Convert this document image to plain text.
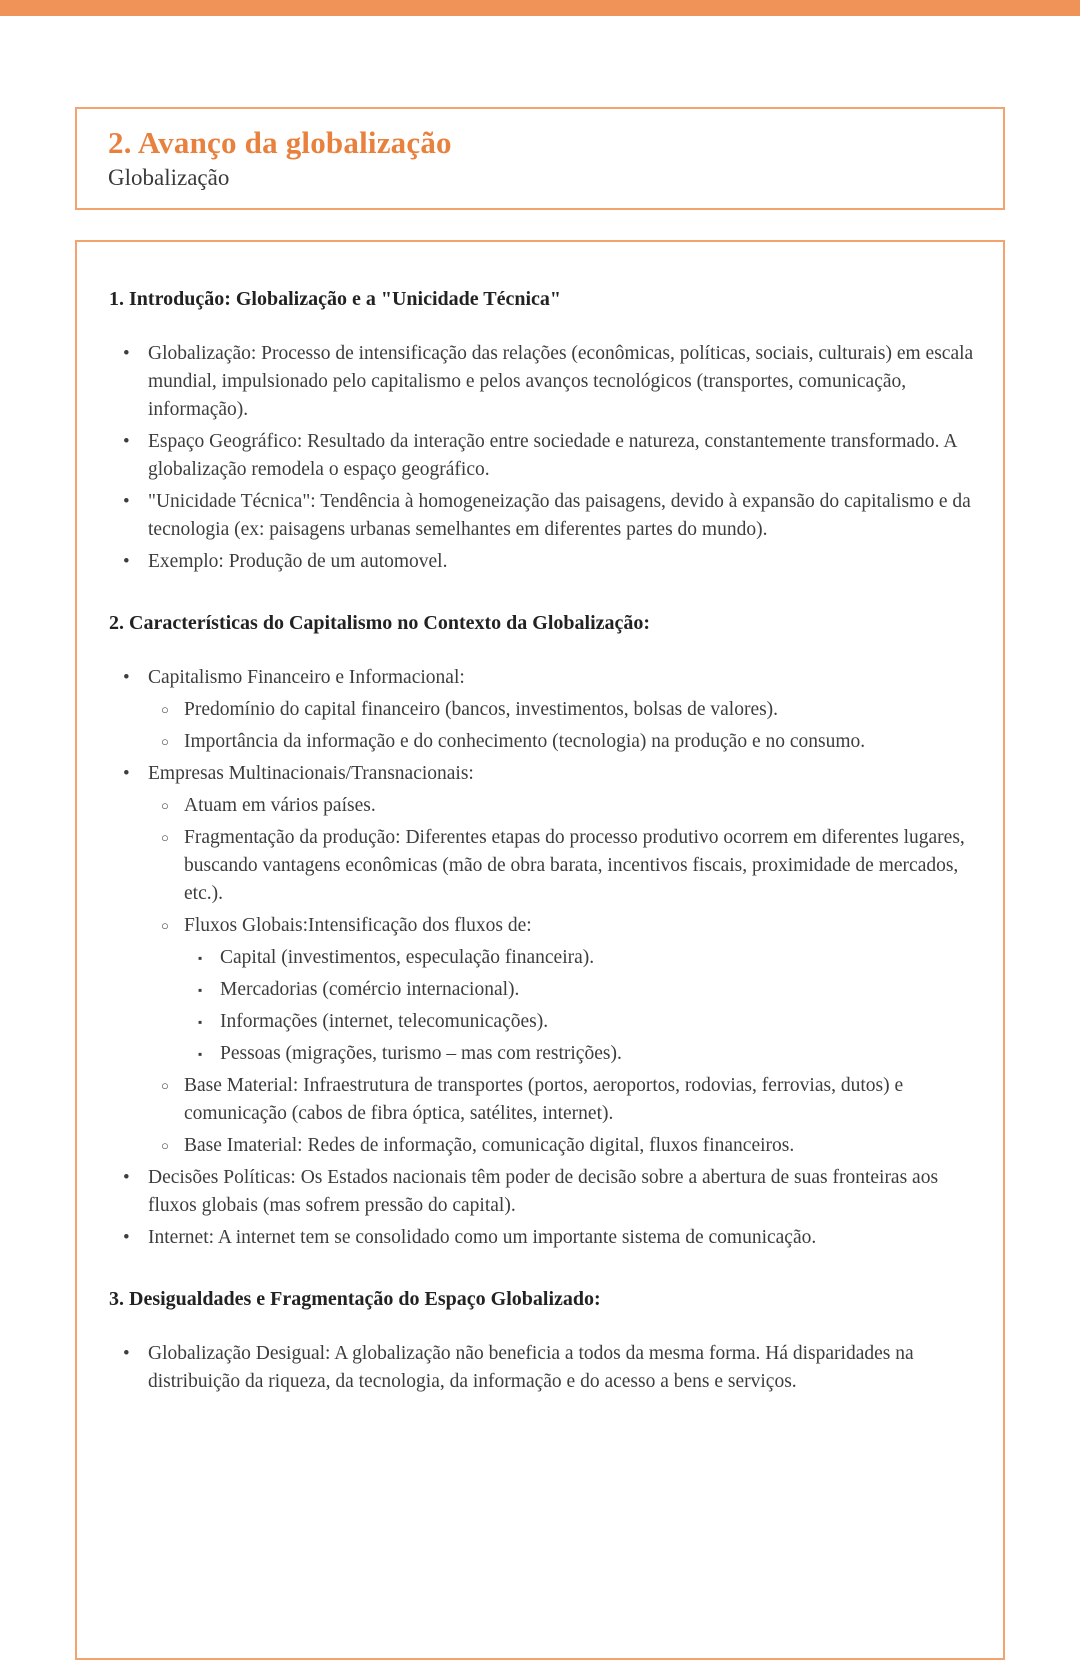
2. Avanço da globalização
Globalização
1. Introdução: Globalização e a "Unicidade Técnica"
• Globalização: Processo de intensificação das relações (econômicas, políticas, sociais, culturais) em escala mundial, impulsionado pelo capitalismo e pelos avanços tecnológicos (transportes, comunicação, informação).
• Espaço Geográfico: Resultado da interação entre sociedade e natureza, constantemente transformado. A globalização remodela o espaço geográfico.
• "Unicidade Técnica": Tendência à homogeneização das paisagens, devido à expansão do capitalismo e da tecnologia (ex: paisagens urbanas semelhantes em diferentes partes do mundo).
• Exemplo: Produção de um automovel.
2. Características do Capitalismo no Contexto da Globalização:
• Capitalismo Financeiro e Informacional:
○ Predomínio do capital financeiro (bancos, investimentos, bolsas de valores).
○ Importância da informação e do conhecimento (tecnologia) na produção e no consumo.
• Empresas Multinacionais/Transnacionais:
○ Atuam em vários países.
○ Fragmentação da produção: Diferentes etapas do processo produtivo ocorrem em diferentes lugares, buscando vantagens econômicas (mão de obra barata, incentivos fiscais, proximidade de mercados, etc.).
○ Fluxos Globais:Intensificação dos fluxos de:
▪ Capital (investimentos, especulação financeira).
▪ Mercadorias (comércio internacional).
▪ Informações (internet, telecomunicações).
▪ Pessoas (migrações, turismo – mas com restrições).
○ Base Material: Infraestrutura de transportes (portos, aeroportos, rodovias, ferrovias, dutos) e comunicação (cabos de fibra óptica, satélites, internet).
○ Base Imaterial: Redes de informação, comunicação digital, fluxos financeiros.
• Decisões Políticas: Os Estados nacionais têm poder de decisão sobre a abertura de suas fronteiras aos fluxos globais (mas sofrem pressão do capital).
• Internet: A internet tem se consolidado como um importante sistema de comunicação.
3. Desigualdades e Fragmentação do Espaço Globalizado:
• Globalização Desigual: A globalização não beneficia a todos da mesma forma. Há disparidades na distribuição da riqueza, da tecnologia, da informação e do acesso a bens e serviços.
